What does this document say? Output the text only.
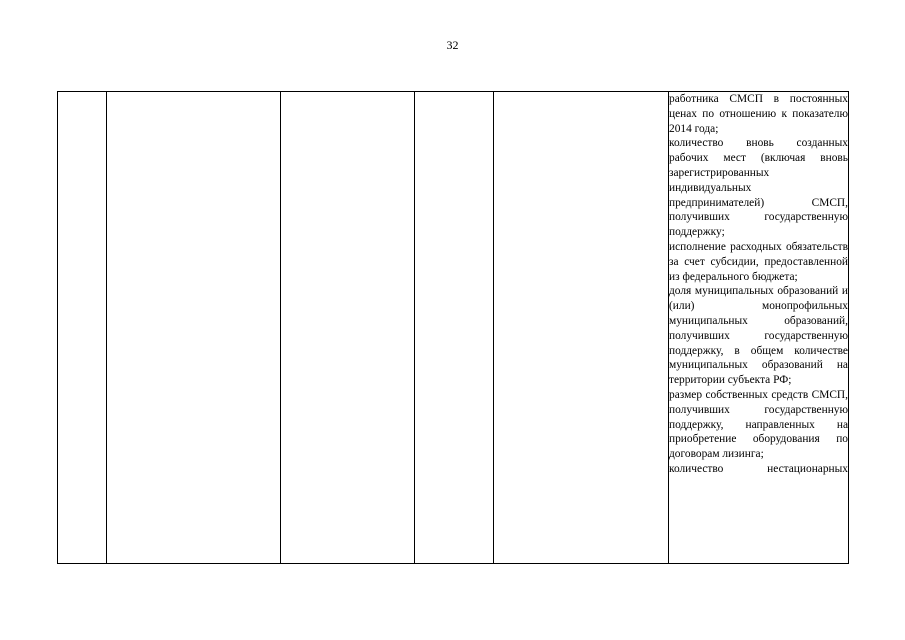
32

работника СМСП в постоянных ценах по отношению к показателю 2014 года;
количество вновь созданных рабочих мест (включая вновь зарегистрированных индивидуальных предпринимателей) СМСП, получивших государственную поддержку;
исполнение расходных обязательств за счет субсидии, предоставленной из федерального бюджета;
доля муниципальных образований и (или) монопрофильных муниципальных образований, получивших государственную поддержку, в общем количестве муниципальных образований на территории субъекта РФ;
размер собственных средств СМСП, получивших государственную поддержку, направленных на приобретение оборудования по договорам лизинга;
количество нестационарных
